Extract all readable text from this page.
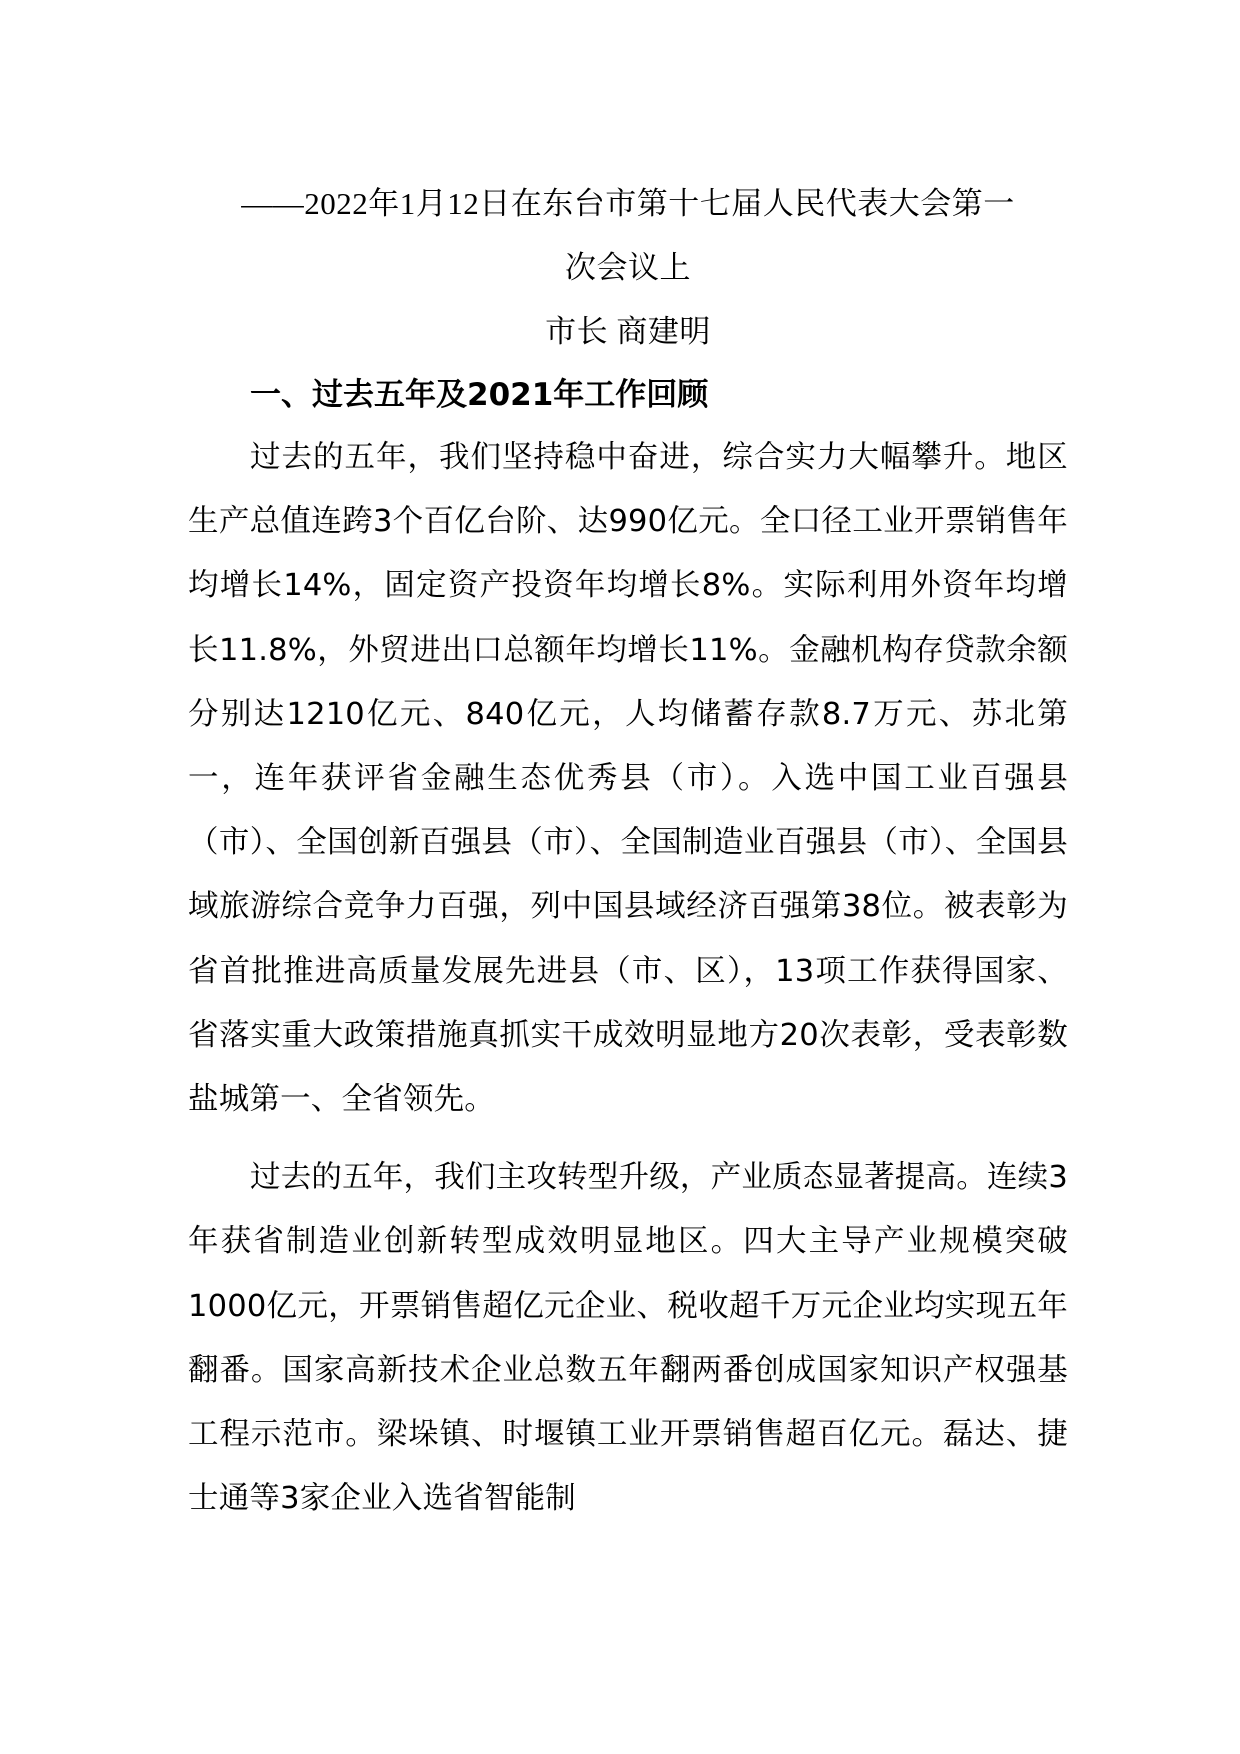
——2022年1月12日在东台市第十七届人民代表大会第一

次会议上

市长 商建明

一、过去五年及2021年工作回顾

过去的五年，我们坚持稳中奋进，综合实力大幅攀升。地区生产总值连跨3个百亿台阶、达990亿元。全口径工业开票销售年均增长14%，固定资产投资年均增长8%。实际利用外资年均增长11.8%，外贸进出口总额年均增长11%。金融机构存贷款余额分别达1210亿元、840亿元，人均储蓄存款8.7万元、苏北第一，连年获评省金融生态优秀县（市）。入选中国工业百强县（市）、全国创新百强县（市）、全国制造业百强县（市）、全国县域旅游综合竞争力百强，列中国县域经济百强第38位。被表彰为省首批推进高质量发展先进县（市、区），13项工作获得国家、省落实重大政策措施真抓实干成效明显地方20次表彰，受表彰数盐城第一、全省领先。

过去的五年，我们主攻转型升级，产业质态显著提高。连续3年获省制造业创新转型成效明显地区。四大主导产业规模突破1000亿元，开票销售超亿元企业、税收超千万元企业均实现五年翻番。国家高新技术企业总数五年翻两番创成国家知识产权强基工程示范市。梁垛镇、时堰镇工业开票销售超百亿元。磊达、捷士通等3家企业入选省智能制
